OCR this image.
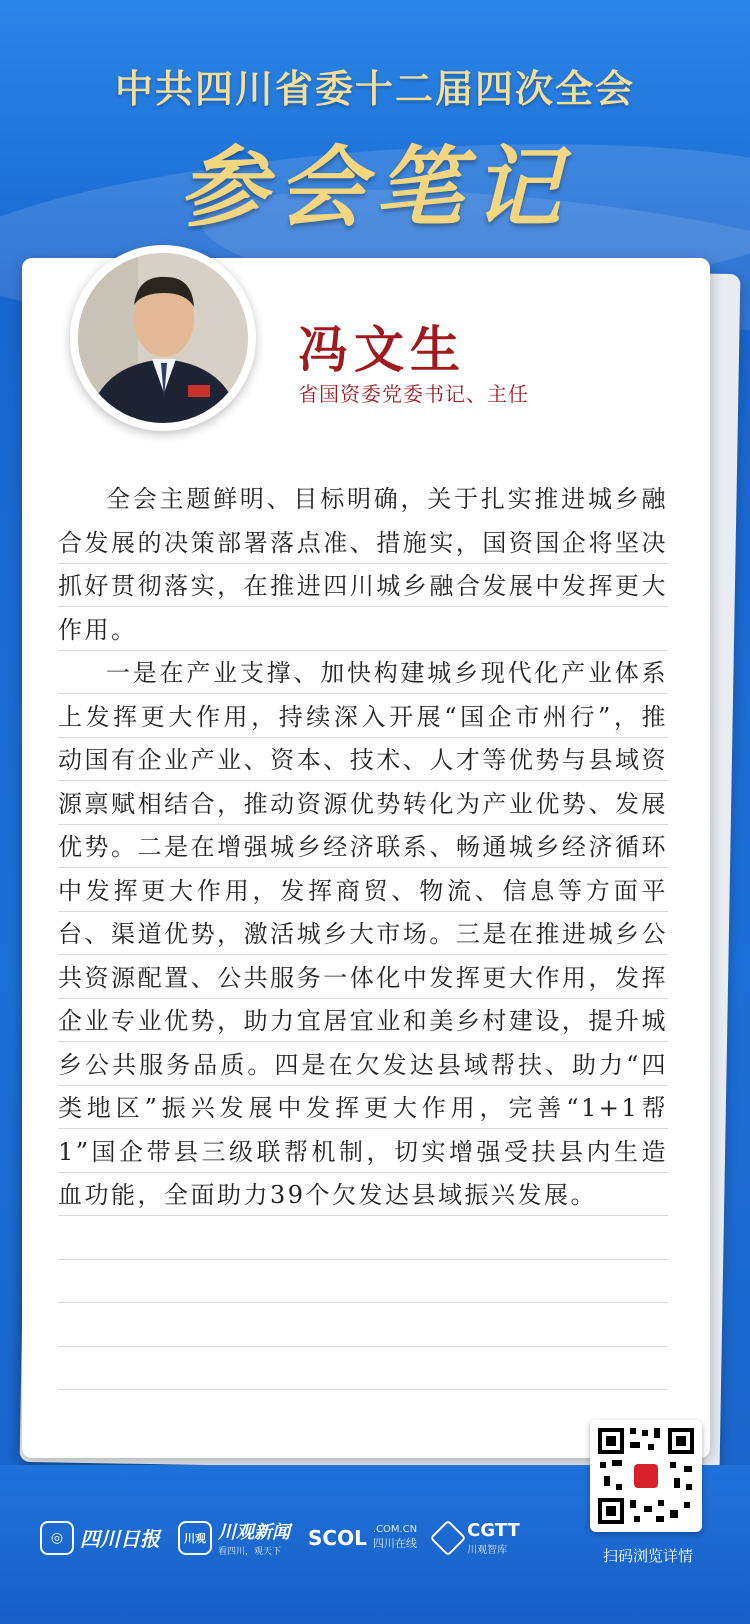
中共四川省委十二届四次全会
参会笔记
冯文生
省国资委党委书记、主任

全会主题鲜明、目标明确，关于扎实推进城乡融合发展的决策部署落点准、措施实，国资国企将坚决抓好贯彻落实，在推进四川城乡融合发展中发挥更大作用。

一是在产业支撑、加快构建城乡现代化产业体系上发挥更大作用，持续深入开展“国企市州行”，推动国有企业产业、资本、技术、人才等优势与县域资源禀赋相结合，推动资源优势转化为产业优势、发展优势。二是在增强城乡经济联系、畅通城乡经济循环中发挥更大作用，发挥商贸、物流、信息等方面平台、渠道优势，激活城乡大市场。三是在推进城乡公共资源配置、公共服务一体化中发挥更大作用，发挥企业专业优势，助力宜居宜业和美乡村建设，提升城乡公共服务品质。四是在欠发达县域帮扶、助力“四类地区”振兴发展中发挥更大作用，完善“1+1帮1”国企带县三级联帮机制，切实增强受扶县内生造血功能，全面助力39个欠发达县域振兴发展。

◎ 四川日报	川观 川观新闻
看四川，观天下
SCOL .COM.CN
四川在线
CGTT
川观智库	扫码浏览详情
